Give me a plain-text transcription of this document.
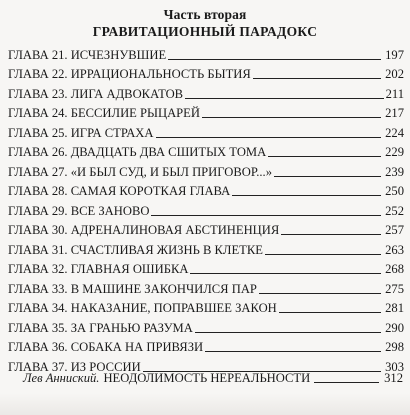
Часть вторая
ГРАВИТАЦИОННЫЙ ПАРАДОКС
ГЛАВА 21. ИСЧЕЗНУВШИЕ	197
ГЛАВА 22. ИРРАЦИОНАЛЬНОСТЬ БЫТИЯ	202
ГЛАВА 23. ЛИГА АДВОКАТОВ	211
ГЛАВА 24. БЕССИЛИЕ РЫЦАРЕЙ	217
ГЛАВА 25. ИГРА СТРАХА	224
ГЛАВА 26. ДВАДЦАТЬ ДВА СШИТЫХ ТОМА	229
ГЛАВА 27. «И БЫЛ СУД, И БЫЛ ПРИГОВОР...»	239
ГЛАВА 28. САМАЯ КОРОТКАЯ ГЛАВА	250
ГЛАВА 29. ВСЕ ЗАНОВО	252
ГЛАВА 30. АДРЕНАЛИНОВАЯ АБСТИНЕНЦИЯ	257
ГЛАВА 31. СЧАСТЛИВАЯ ЖИЗНЬ В КЛЕТКЕ	263
ГЛАВА 32. ГЛАВНАЯ ОШИБКА	268
ГЛАВА 33. В МАШИНЕ ЗАКОНЧИЛСЯ ПАР	275
ГЛАВА 34. НАКАЗАНИЕ, ПОПРАВШЕЕ ЗАКОН	281
ГЛАВА 35. ЗА ГРАНЬЮ РАЗУМА	290
ГЛАВА 36. СОБАКА НА ПРИВЯЗИ	298
ГЛАВА 37. ИЗ РОССИИ	303
Лев Анниский. НЕОДОЛИМОСТЬ НЕРЕАЛЬНОСТИ	312
